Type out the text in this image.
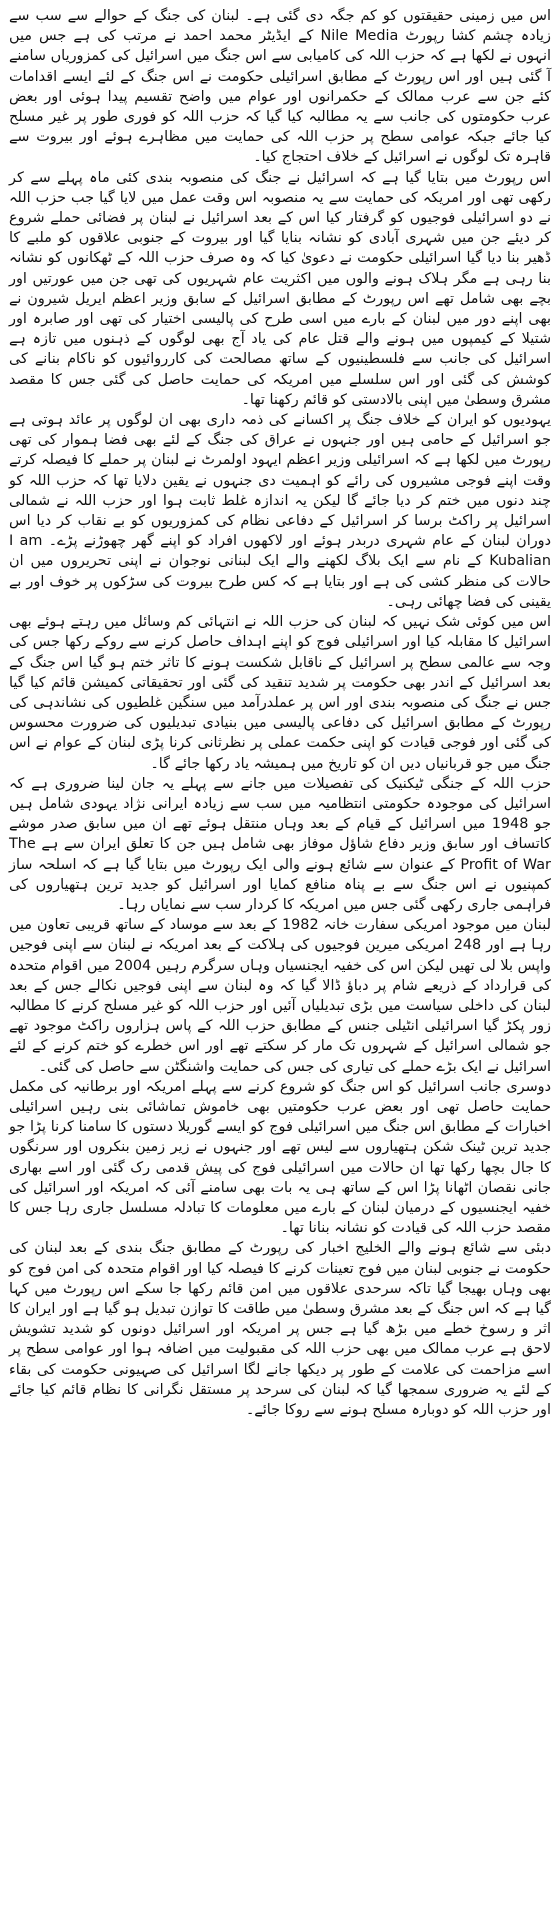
اس میں زمینی حقیقتوں کو کم جگہ دی گئی ہے۔ لبنان کی جنگ کے حوالے سے سب سے زیادہ چشم کشا رپورٹ Nile Media کے ایڈیٹر محمد احمد نے مرتب کی ہے جس میں انہوں نے لکھا ہے کہ حزب اللہ کی کامیابی سے اس جنگ میں اسرائیل کی کمزوریاں سامنے آ گئی ہیں اور اس رپورٹ کے مطابق اسرائیلی حکومت نے اس جنگ کے لئے ایسے اقدامات کئے جن سے عرب ممالک کے حکمرانوں اور عوام میں واضح تقسیم پیدا ہوئی اور بعض عرب حکومتوں کی جانب سے یہ مطالبہ کیا گیا کہ حزب اللہ کو فوری طور پر غیر مسلح کیا جائے جبکہ عوامی سطح پر حزب اللہ کی حمایت میں مظاہرے ہوئے اور بیروت سے قاہرہ تک لوگوں نے اسرائیل کے خلاف احتجاج کیا۔

اس رپورٹ میں بتایا گیا ہے کہ اسرائیل نے جنگ کی منصوبہ بندی کئی ماہ پہلے سے کر رکھی تھی اور امریکہ کی حمایت سے یہ منصوبہ اس وقت عمل میں لایا گیا جب حزب اللہ نے دو اسرائیلی فوجیوں کو گرفتار کیا اس کے بعد اسرائیل نے لبنان پر فضائی حملے شروع کر دیئے جن میں شہری آبادی کو نشانہ بنایا گیا اور بیروت کے جنوبی علاقوں کو ملبے کا ڈھیر بنا دیا گیا اسرائیلی حکومت نے دعویٰ کیا کہ وہ صرف حزب اللہ کے ٹھکانوں کو نشانہ بنا رہی ہے مگر ہلاک ہونے والوں میں اکثریت عام شہریوں کی تھی جن میں عورتیں اور بچے بھی شامل تھے اس رپورٹ کے مطابق اسرائیل کے سابق وزیر اعظم ایریل شیرون نے بھی اپنے دور میں لبنان کے بارے میں اسی طرح کی پالیسی اختیار کی تھی اور صابرہ اور شتیلا کے کیمپوں میں ہونے والے قتل عام کی یاد آج بھی لوگوں کے ذہنوں میں تازہ ہے اسرائیل کی جانب سے فلسطینیوں کے ساتھ مصالحت کی کارروائیوں کو ناکام بنانے کی کوشش کی گئی اور اس سلسلے میں امریکہ کی حمایت حاصل کی گئی جس کا مقصد مشرق وسطیٰ میں اپنی بالادستی کو قائم رکھنا تھا۔

یہودیوں کو ایران کے خلاف جنگ پر اکسانے کی ذمہ داری بھی ان لوگوں پر عائد ہوتی ہے جو اسرائیل کے حامی ہیں اور جنہوں نے عراق کی جنگ کے لئے بھی فضا ہموار کی تھی رپورٹ میں لکھا ہے کہ اسرائیلی وزیر اعظم ایہود اولمرٹ نے لبنان پر حملے کا فیصلہ کرتے وقت اپنے فوجی مشیروں کی رائے کو اہمیت دی جنہوں نے یقین دلایا تھا کہ حزب اللہ کو چند دنوں میں ختم کر دیا جائے گا لیکن یہ اندازہ غلط ثابت ہوا اور حزب اللہ نے شمالی اسرائیل پر راکٹ برسا کر اسرائیل کے دفاعی نظام کی کمزوریوں کو بے نقاب کر دیا اس دوران لبنان کے عام شہری دربدر ہوئے اور لاکھوں افراد کو اپنے گھر چھوڑنے پڑے۔ I am Kubalian کے نام سے ایک بلاگ لکھنے والے ایک لبنانی نوجوان نے اپنی تحریروں میں ان حالات کی منظر کشی کی ہے اور بتایا ہے کہ کس طرح بیروت کی سڑکوں پر خوف اور بے یقینی کی فضا چھائی رہی۔

اس میں کوئی شک نہیں کہ لبنان کی حزب اللہ نے انتہائی کم وسائل میں رہتے ہوئے بھی اسرائیل کا مقابلہ کیا اور اسرائیلی فوج کو اپنے اہداف حاصل کرنے سے روکے رکھا جس کی وجہ سے عالمی سطح پر اسرائیل کے ناقابل شکست ہونے کا تاثر ختم ہو گیا اس جنگ کے بعد اسرائیل کے اندر بھی حکومت پر شدید تنقید کی گئی اور تحقیقاتی کمیشن قائم کیا گیا جس نے جنگ کی منصوبہ بندی اور اس پر عملدرآمد میں سنگین غلطیوں کی نشاندہی کی رپورٹ کے مطابق اسرائیل کی دفاعی پالیسی میں بنیادی تبدیلیوں کی ضرورت محسوس کی گئی اور فوجی قیادت کو اپنی حکمت عملی پر نظرثانی کرنا پڑی لبنان کے عوام نے اس جنگ میں جو قربانیاں دیں ان کو تاریخ میں ہمیشہ یاد رکھا جائے گا۔

حزب اللہ کے جنگی ٹیکنیک کی تفصیلات میں جانے سے پہلے یہ جان لینا ضروری ہے کہ اسرائیل کی موجودہ حکومتی انتظامیہ میں سب سے زیادہ ایرانی نژاد یہودی شامل ہیں جو 1948 میں اسرائیل کے قیام کے بعد وہاں منتقل ہوئے تھے ان میں سابق صدر موشے کاتساف اور سابق وزیر دفاع شاؤل موفاز بھی شامل ہیں جن کا تعلق ایران سے ہے The Profit of War کے عنوان سے شائع ہونے والی ایک رپورٹ میں بتایا گیا ہے کہ اسلحہ ساز کمپنیوں نے اس جنگ سے بے پناہ منافع کمایا اور اسرائیل کو جدید ترین ہتھیاروں کی فراہمی جاری رکھی گئی جس میں امریکہ کا کردار سب سے نمایاں رہا۔

لبنان میں موجود امریکی سفارت خانہ 1982 کے بعد سے موساد کے ساتھ قریبی تعاون میں رہا ہے اور 248 امریکی میرین فوجیوں کی ہلاکت کے بعد امریکہ نے لبنان سے اپنی فوجیں واپس بلا لی تھیں لیکن اس کی خفیہ ایجنسیاں وہاں سرگرم رہیں 2004 میں اقوام متحدہ کی قرارداد کے ذریعے شام پر دباؤ ڈالا گیا کہ وہ لبنان سے اپنی فوجیں نکالے جس کے بعد لبنان کی داخلی سیاست میں بڑی تبدیلیاں آئیں اور حزب اللہ کو غیر مسلح کرنے کا مطالبہ زور پکڑ گیا اسرائیلی انٹیلی جنس کے مطابق حزب اللہ کے پاس ہزاروں راکٹ موجود تھے جو شمالی اسرائیل کے شہروں تک مار کر سکتے تھے اور اس خطرے کو ختم کرنے کے لئے اسرائیل نے ایک بڑے حملے کی تیاری کی جس کی حمایت واشنگٹن سے حاصل کی گئی۔

دوسری جانب اسرائیل کو اس جنگ کو شروع کرنے سے پہلے امریکہ اور برطانیہ کی مکمل حمایت حاصل تھی اور بعض عرب حکومتیں بھی خاموش تماشائی بنی رہیں اسرائیلی اخبارات کے مطابق اس جنگ میں اسرائیلی فوج کو ایسے گوریلا دستوں کا سامنا کرنا پڑا جو جدید ترین ٹینک شکن ہتھیاروں سے لیس تھے اور جنہوں نے زیر زمین بنکروں اور سرنگوں کا جال بچھا رکھا تھا ان حالات میں اسرائیلی فوج کی پیش قدمی رک گئی اور اسے بھاری جانی نقصان اٹھانا پڑا اس کے ساتھ ہی یہ بات بھی سامنے آئی کہ امریکہ اور اسرائیل کی خفیہ ایجنسیوں کے درمیان لبنان کے بارے میں معلومات کا تبادلہ مسلسل جاری رہا جس کا مقصد حزب اللہ کی قیادت کو نشانہ بنانا تھا۔

دبئی سے شائع ہونے والے الخلیج اخبار کی رپورٹ کے مطابق جنگ بندی کے بعد لبنان کی حکومت نے جنوبی لبنان میں فوج تعینات کرنے کا فیصلہ کیا اور اقوام متحدہ کی امن فوج کو بھی وہاں بھیجا گیا تاکہ سرحدی علاقوں میں امن قائم رکھا جا سکے اس رپورٹ میں کہا گیا ہے کہ اس جنگ کے بعد مشرق وسطیٰ میں طاقت کا توازن تبدیل ہو گیا ہے اور ایران کا اثر و رسوخ خطے میں بڑھ گیا ہے جس پر امریکہ اور اسرائیل دونوں کو شدید تشویش لاحق ہے عرب ممالک میں بھی حزب اللہ کی مقبولیت میں اضافہ ہوا اور عوامی سطح پر اسے مزاحمت کی علامت کے طور پر دیکھا جانے لگا اسرائیل کی صہیونی حکومت کی بقاء کے لئے یہ ضروری سمجھا گیا کہ لبنان کی سرحد پر مستقل نگرانی کا نظام قائم کیا جائے اور حزب اللہ کو دوبارہ مسلح ہونے سے روکا جائے۔
